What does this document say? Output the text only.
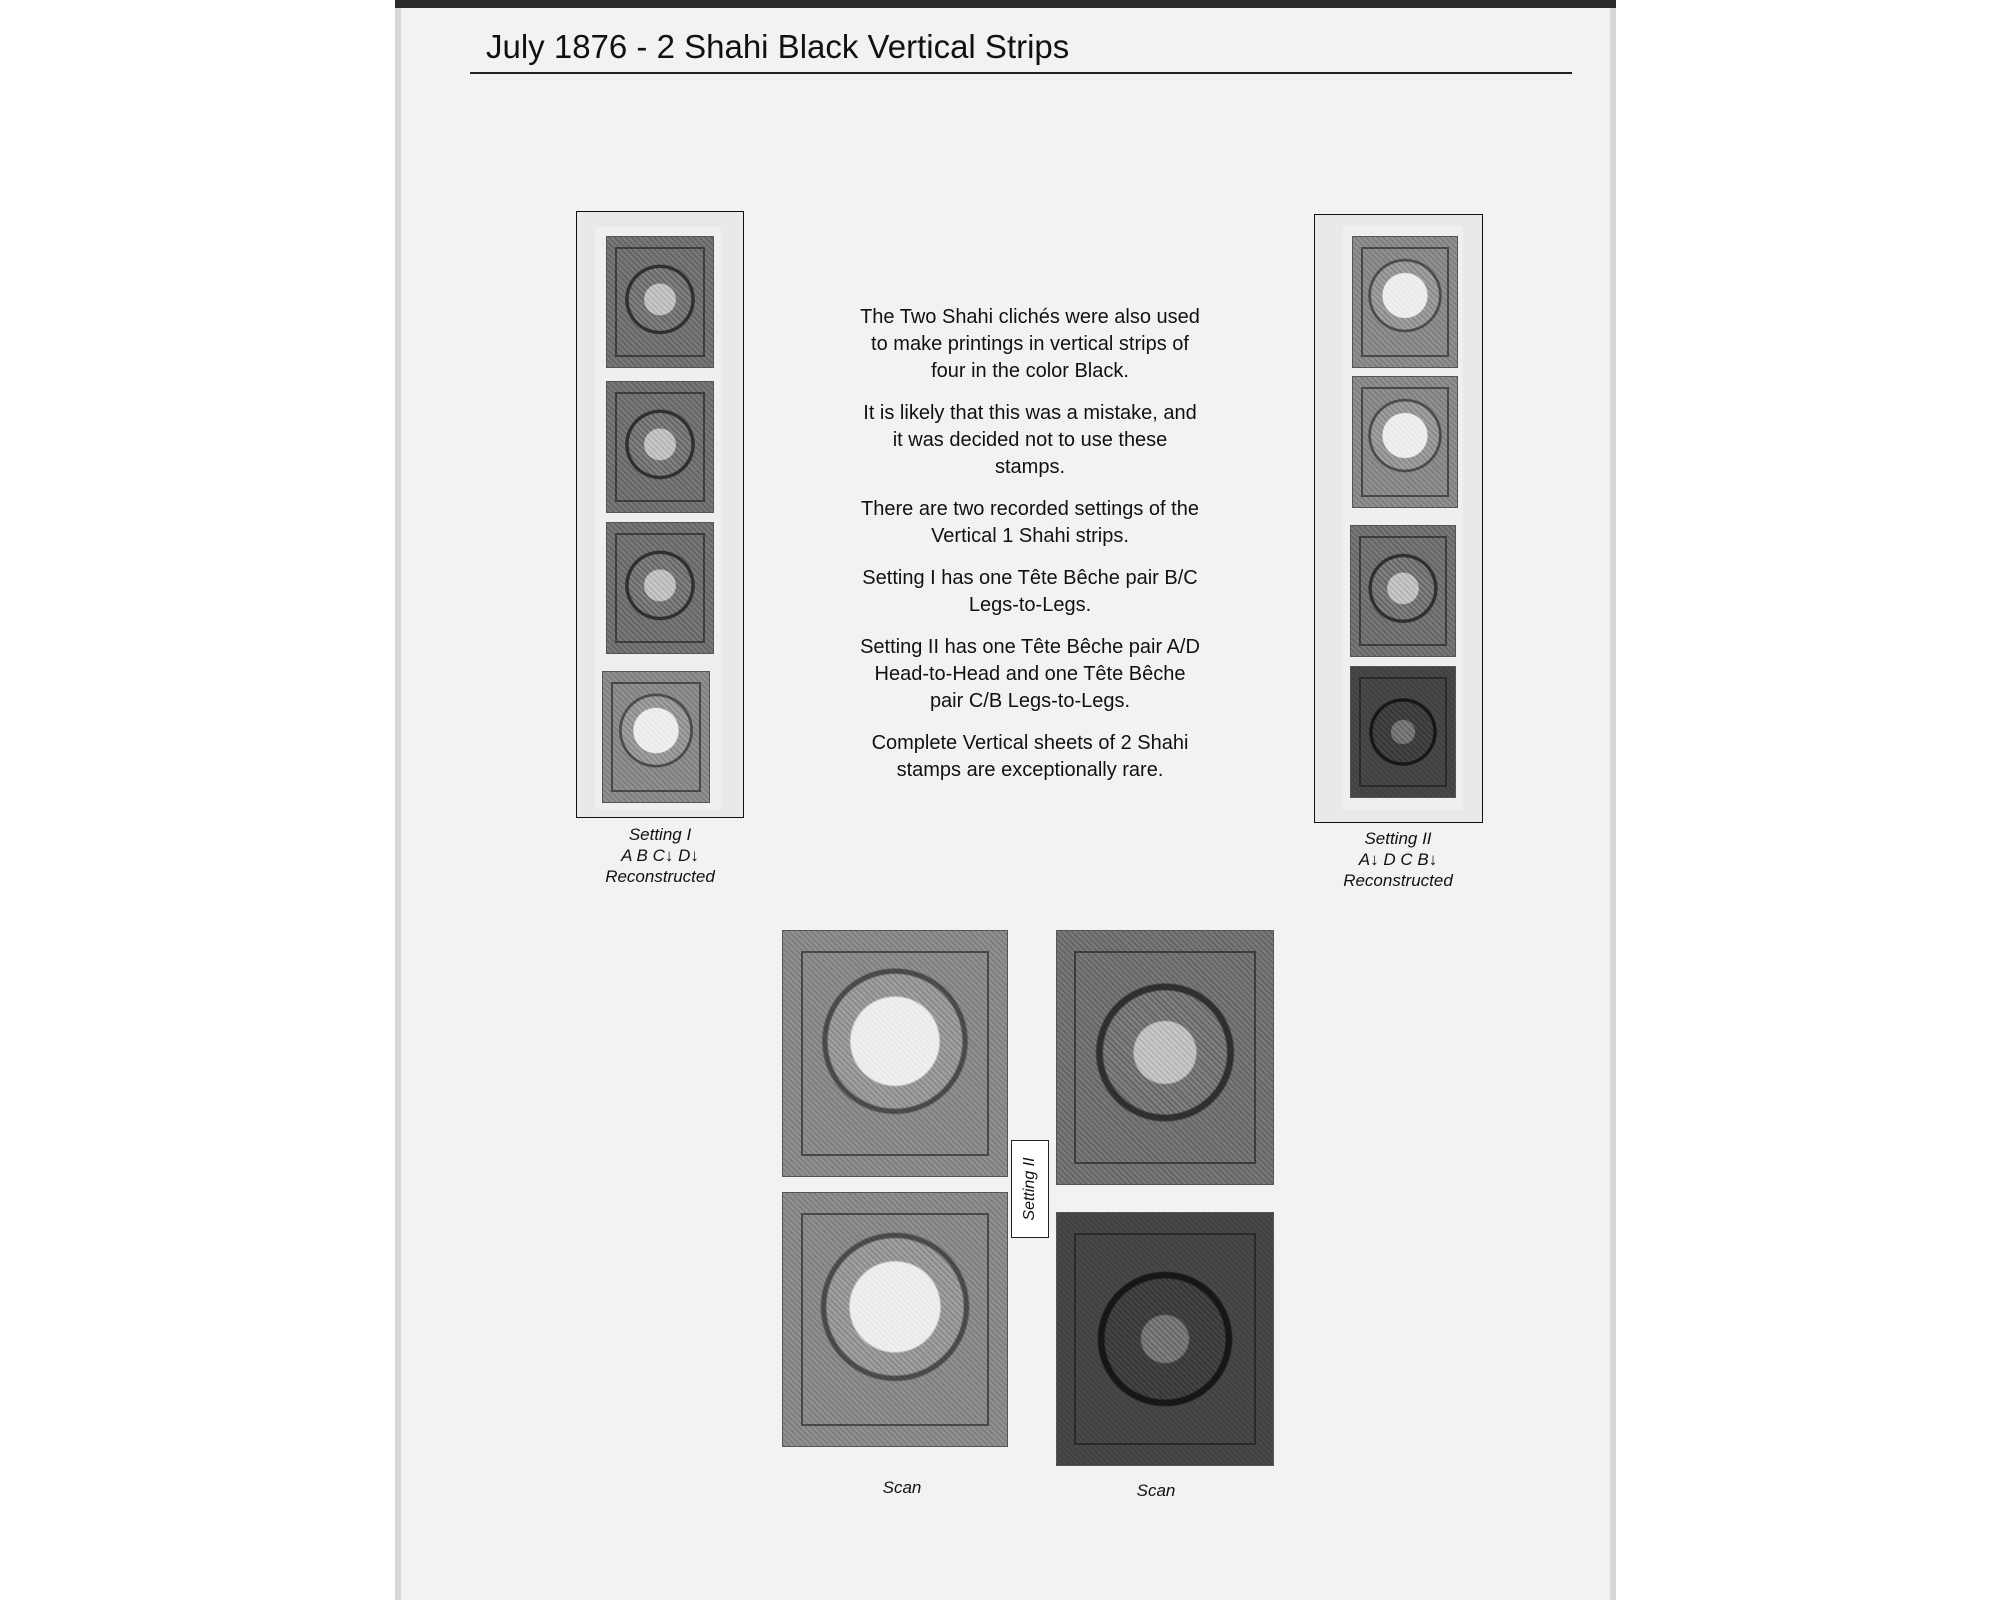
July 1876 - 2 Shahi Black Vertical Strips
Setting I
A B C↓ D↓
Reconstructed
Setting II
A↓ D C B↓
Reconstructed

The Two Shahi clichés were also used to make printings in vertical strips of four in the color Black.

It is likely that this was a mistake, and it was decided not to use these stamps.

There are two recorded settings of the Vertical 1 Shahi strips.

Setting I has one Tête Bêche pair B/C Legs-to-Legs.

Setting II has one Tête Bêche pair A/D Head-to-Head and one Tête Bêche pair C/B Legs-to-Legs.

Complete Vertical sheets of 2 Shahi stamps are exceptionally rare.

Setting II
Scan	Scan
